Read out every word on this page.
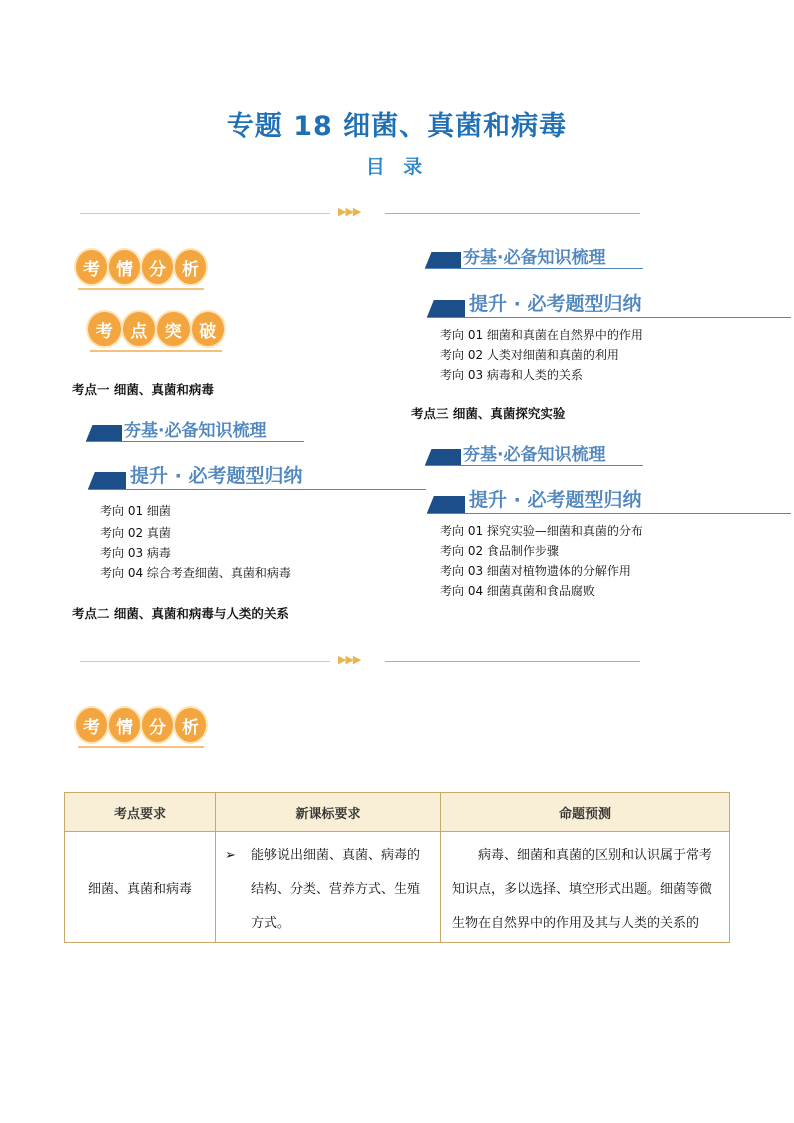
专题 18 细菌、真菌和病毒
目 录
▶▶▶
考 情 分 析
考	点	突	破
考点一 细菌、真菌和病毒
夯基·必备知识梳理
提升 · 必考题型归纳
考向 01 细菌
考向 02 真菌
考向 03 病毒
考向 04 综合考查细菌、真菌和病毒
考点二 细菌、真菌和病毒与人类的关系
夯基·必备知识梳理
提升 · 必考题型归纳
考向 01 细菌和真菌在自然界中的作用
考向 02 人类对细菌和真菌的利用
考向 03 病毒和人类的关系
考点三 细菌、真菌探究实验
夯基·必备知识梳理
提升 · 必考题型归纳
考向 01 探究实验—细菌和真菌的分布
考向 02 食品制作步骤
考向 03 细菌对植物遗体的分解作用
考向 04 细菌真菌和食品腐败
▶▶▶
考 情 分 析
考点要求	新课标要求	命题预测

细菌、真菌和病毒	➢ 能够说出细菌、真菌、病毒的结构、分类、营养方式、生殖方式。	病毒、细菌和真菌的区别和认识属于常考知识点，多以选择、填空形式出题。细菌等微生物在自然界中的作用及其与人类的关系的
